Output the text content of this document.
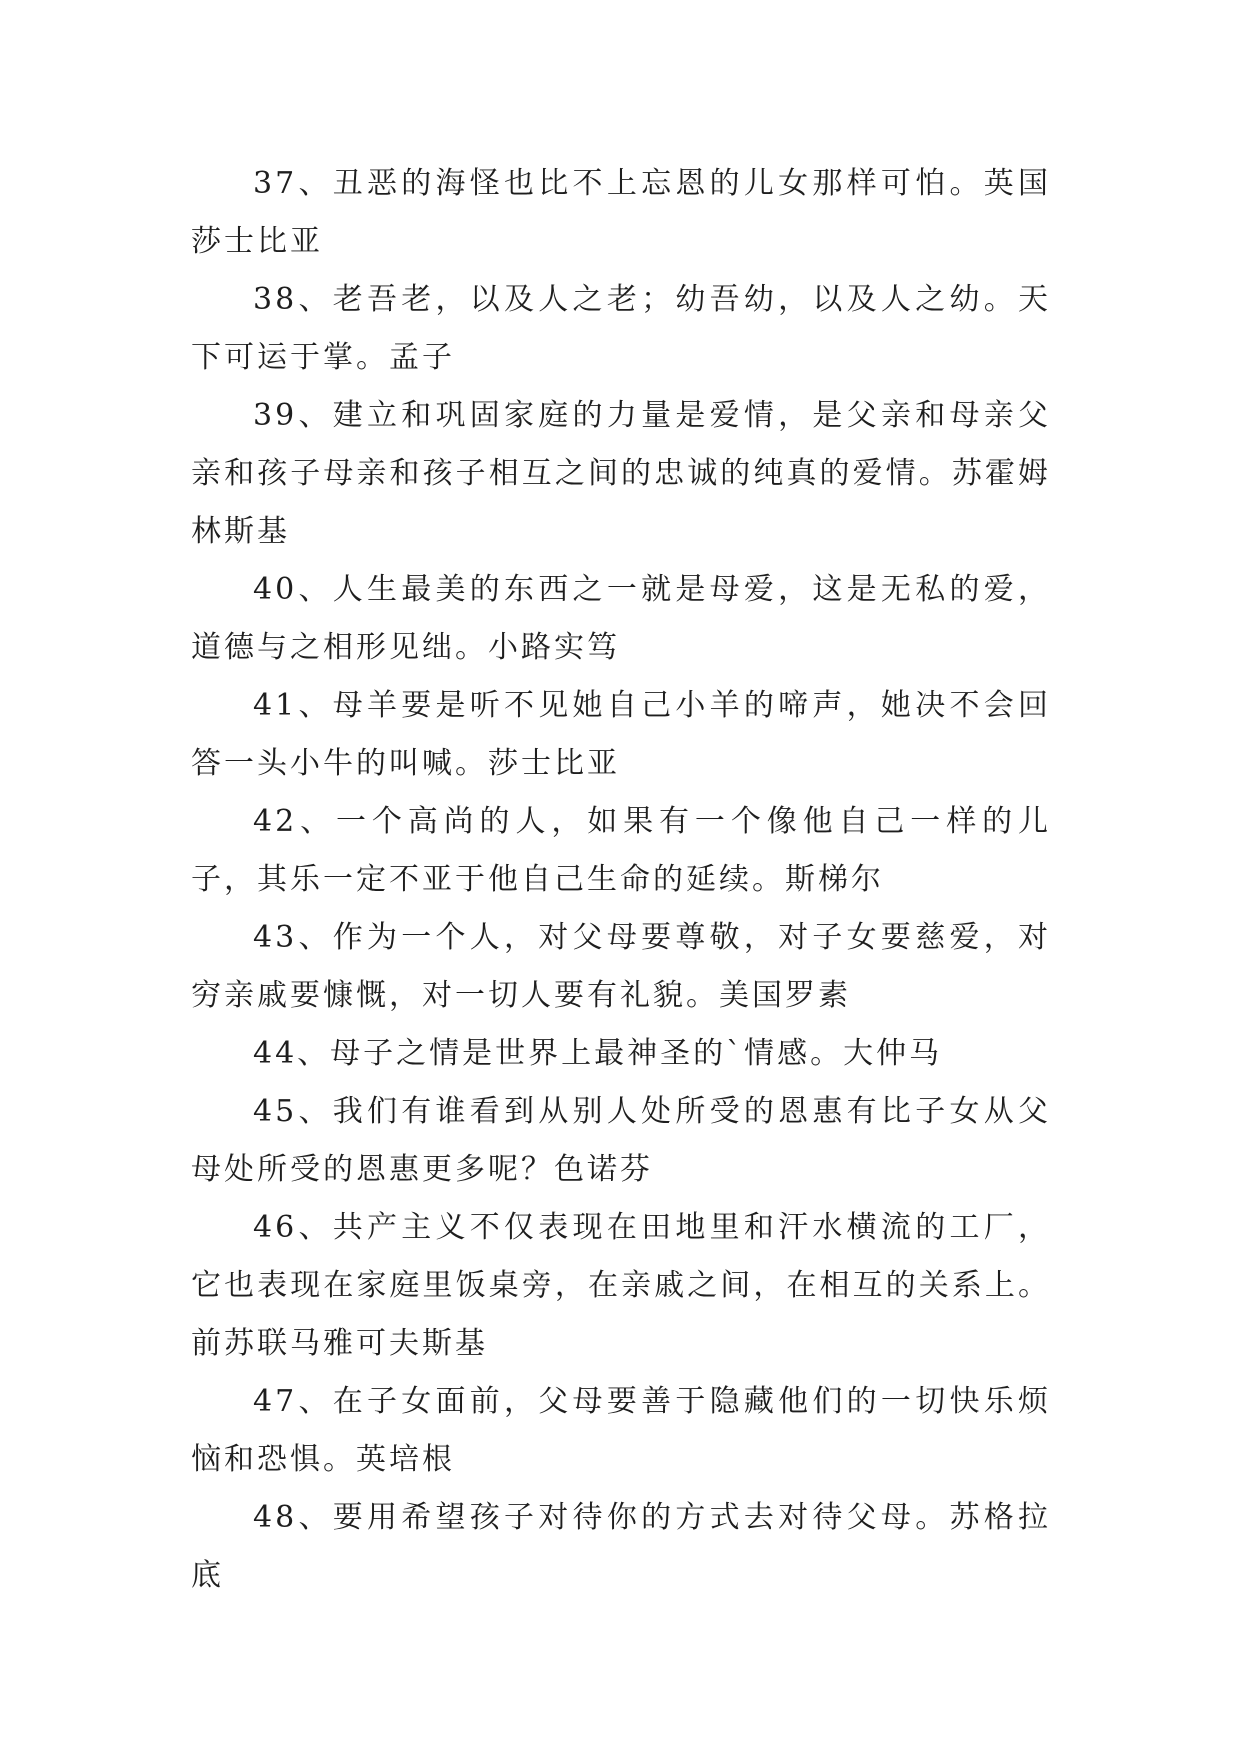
37、丑恶的海怪也比不上忘恩的儿女那样可怕。英国莎士比亚

38、老吾老，以及人之老；幼吾幼，以及人之幼。天下可运于掌。孟子

39、建立和巩固家庭的力量是爱情，是父亲和母亲父亲和孩子母亲和孩子相互之间的忠诚的纯真的爱情。苏霍姆林斯基

40、人生最美的东西之一就是母爱，这是无私的爱，道德与之相形见绌。小路实笃

41、母羊要是听不见她自己小羊的啼声，她决不会回答一头小牛的叫喊。莎士比亚

42、一个高尚的人，如果有一个像他自己一样的儿子，其乐一定不亚于他自己生命的延续。斯梯尔

43、作为一个人，对父母要尊敬，对子女要慈爱，对穷亲戚要慷慨，对一切人要有礼貌。美国罗素

44、母子之情是世界上最神圣的`情感。大仲马

45、我们有谁看到从别人处所受的恩惠有比子女从父母处所受的恩惠更多呢？色诺芬

46、共产主义不仅表现在田地里和汗水横流的工厂，它也表现在家庭里饭桌旁，在亲戚之间，在相互的关系上。前苏联马雅可夫斯基

47、在子女面前，父母要善于隐藏他们的一切快乐烦恼和恐惧。英培根

48、要用希望孩子对待你的方式去对待父母。苏格拉底
